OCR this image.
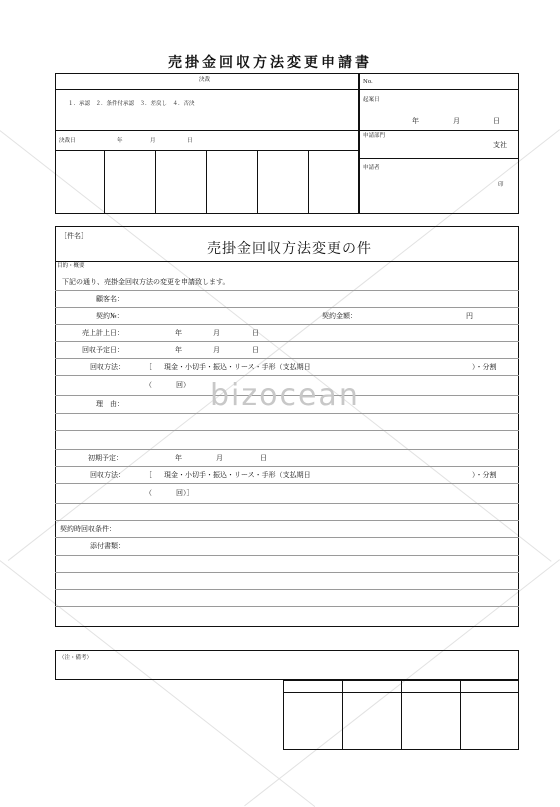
売掛金回収方法変更申請書
決裁
１．承認　２．条件付承認　３．差戻し　４．否決
決裁日	年	月	日
No.
起案日
年	月	日
申請部門
支社
申請者
印
［件名］
売掛金回収方法変更の件
目的・概要
下記の通り、売掛金回収方法の変更を申請致します。
顧客名：
契約№：	契約金額：	円
売上計上日：	年	月	日
回収予定日：	年	月	日
回収方法：	［ 現金・小切手・振込・リース・手形（支払期日	）・分割
（	回）
理　由：
初期予定：	年	月	日
回収方法：	［ 現金・小切手・振込・リース・手形（支払期日	）・分割
（	回）］
契約時回収条件：
添付書類：
bizocean
（注・備考）
